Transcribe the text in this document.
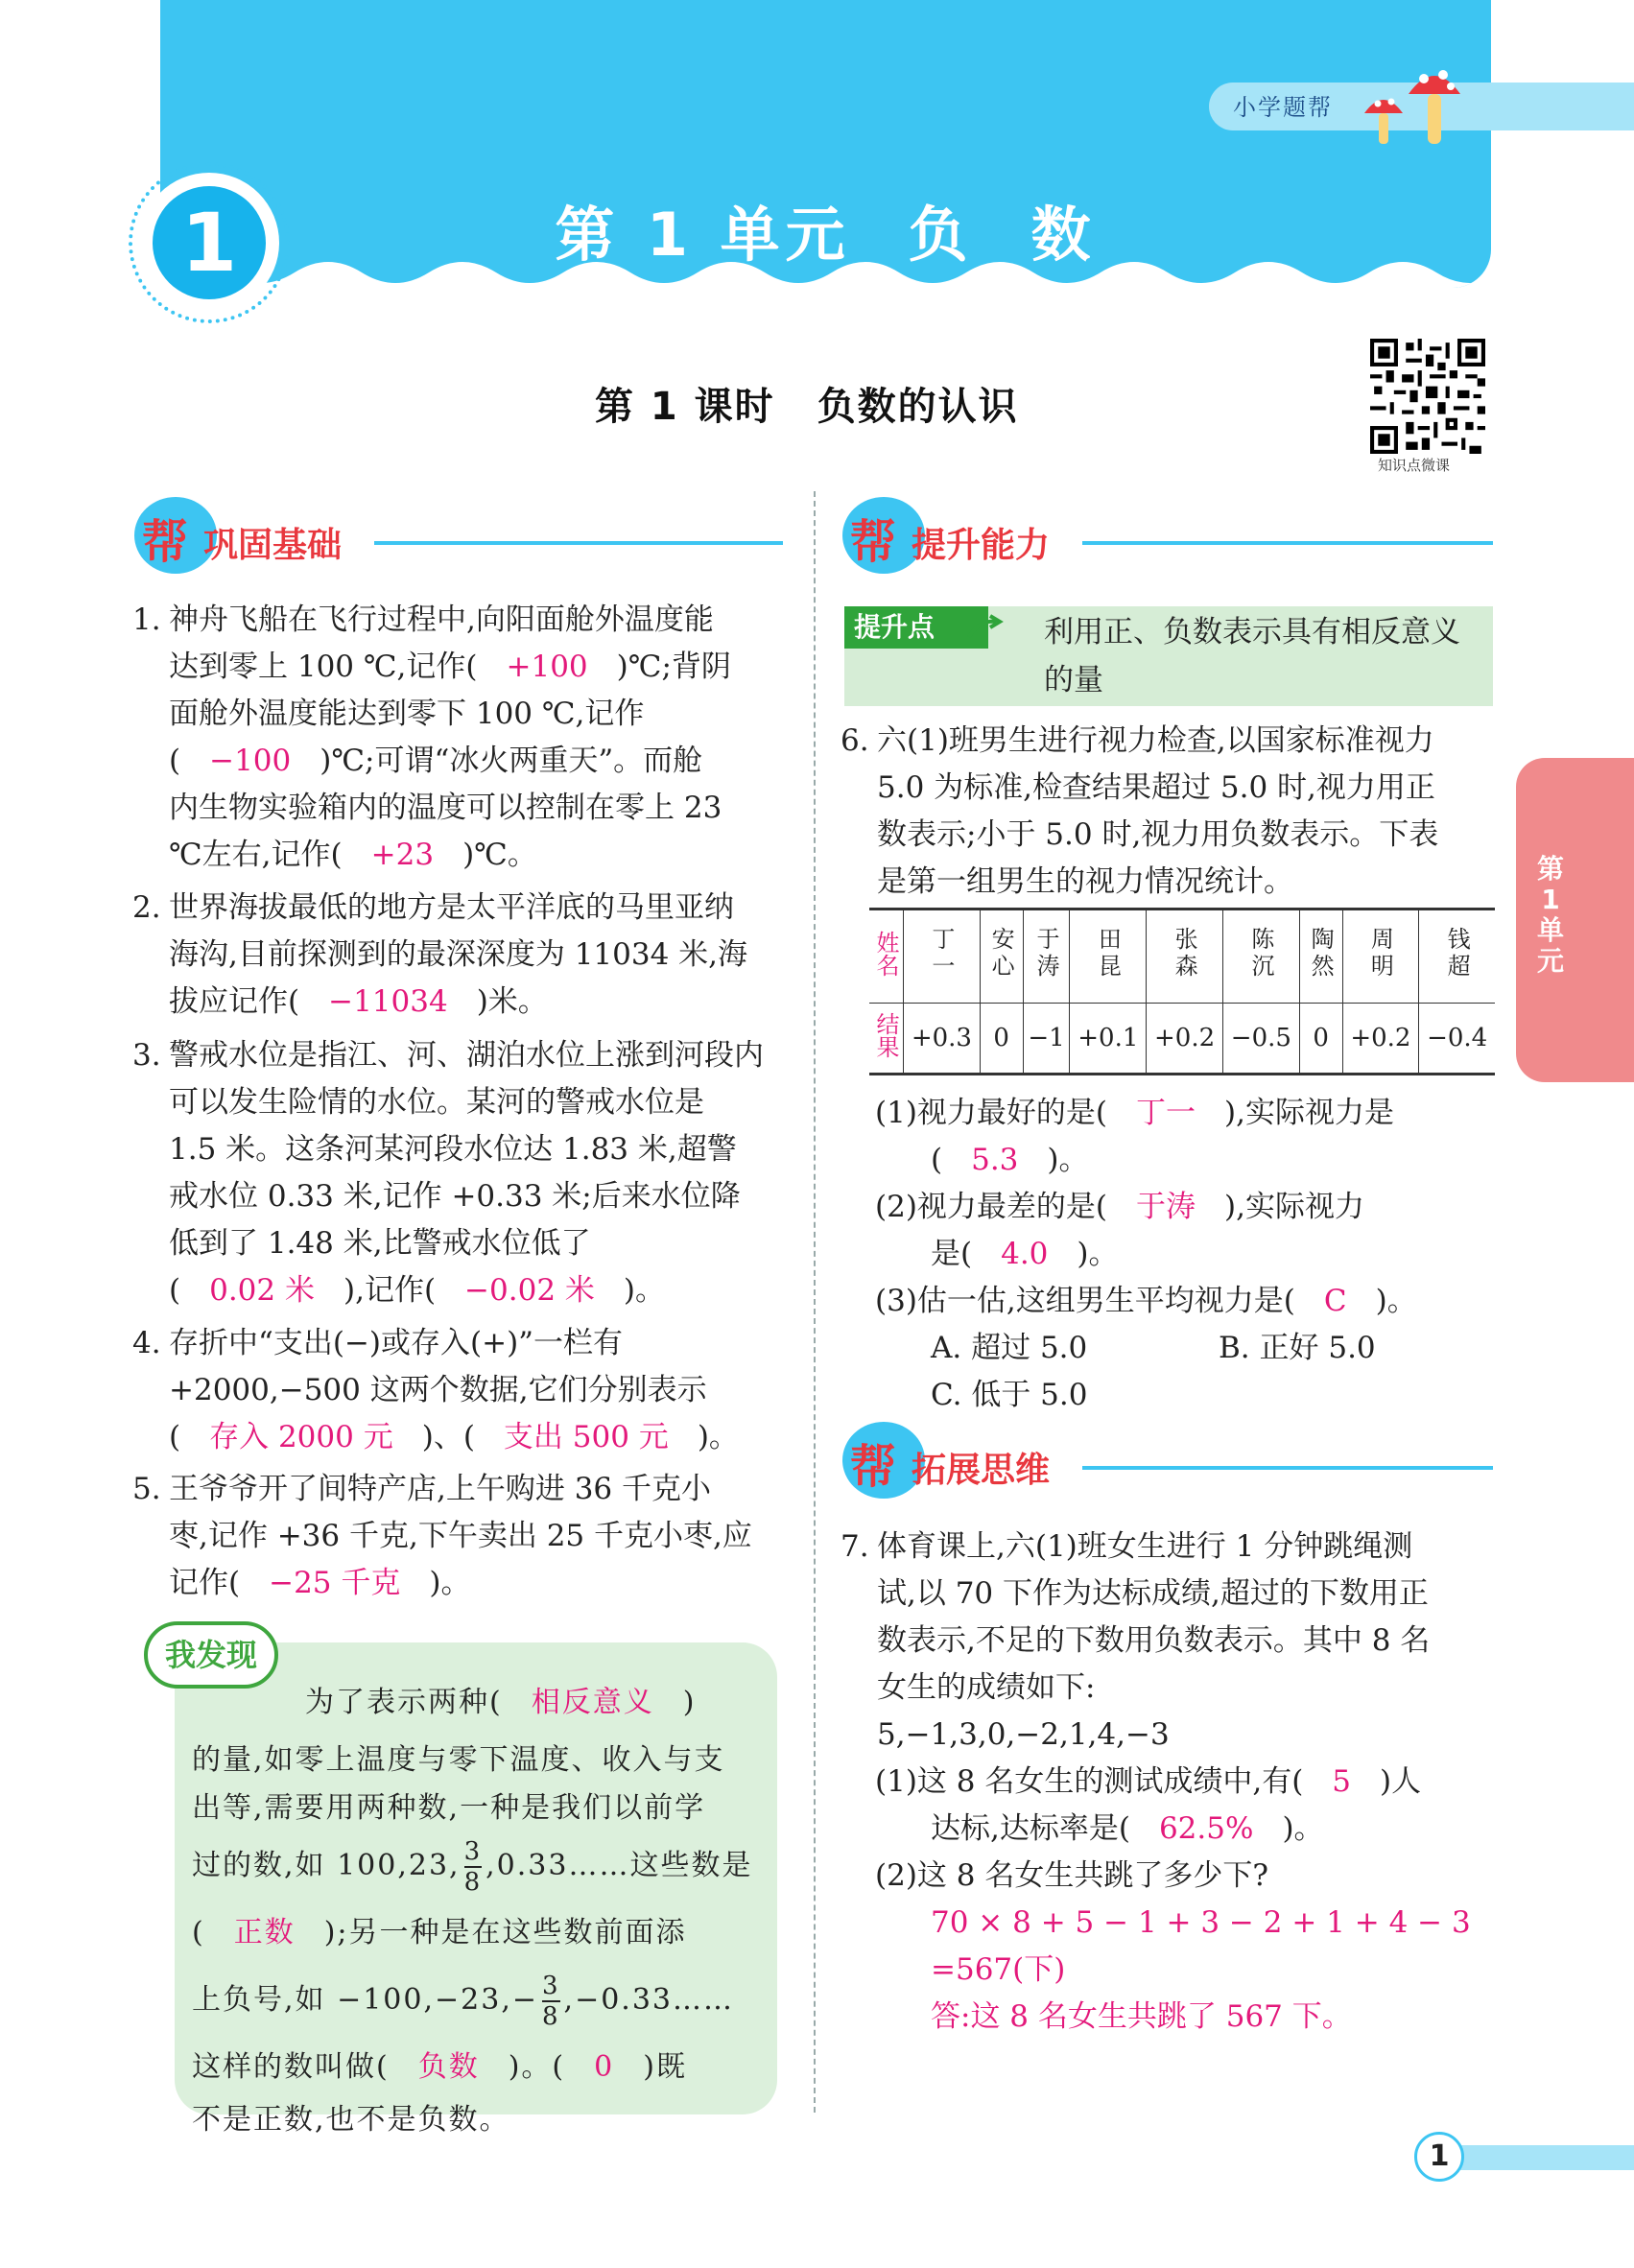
小学题帮
1	第 1 单元 负 数
第 1 课时 负数的认识
知识点微课
帮 巩固基础
1. 神舟飞船在飞行过程中,向阳面舱外温度能
达到零上 100 ℃,记作( +100 )℃;背阴
面舱外温度能达到零下 100 ℃,记作
( −100 )℃;可谓“冰火两重天”。而舱
内生物实验箱内的温度可以控制在零上 23
℃左右,记作( +23 )℃。
2. 世界海拔最低的地方是太平洋底的马里亚纳
海沟,目前探测到的最深深度为 11034 米,海
拔应记作( −11034 )米。
3. 警戒水位是指江、河、湖泊水位上涨到河段内
可以发生险情的水位。某河的警戒水位是
1.5 米。这条河某河段水位达 1.83 米,超警
戒水位 0.33 米,记作 +0.33 米;后来水位降
低到了 1.48 米,比警戒水位低了
( 0.02 米 ),记作( −0.02 米 )。
4. 存折中“支出(−)或存入(+)”一栏有
+2000,−500 这两个数据,它们分别表示
( 存入 2000 元 )、( 支出 500 元 )。
5. 王爷爷开了间特产店,上午购进 36 千克小
枣,记作 +36 千克,下午卖出 25 千克小枣,应
记作( −25 千克 )。
我发现
为了表示两种( 相反意义 )
的量,如零上温度与零下温度、收入与支
出等,需要用两种数,一种是我们以前学
过的数,如 100,23, $\frac{3}{8}$ ,0.33……这些数是
( 正数 );另一种是在这些数前面添
上负号,如 $-100,-23,- \frac{3}{8}$ ,−0.33……
这样的数叫做( 负数 )。( 0 )既
不是正数,也不是负数。
帮 提升能力
提升点	利用正、负数表示具有相反意义
的量
6. 六(1)班男生进行视力检查,以国家标准视力
5.0 为标准,检查结果超过 5.0 时,视力用正
数表示;小于 5.0 时,视力用负数表示。下表
是第一组男生的视力情况统计。
姓名	丁一	安心	于涛	田昆	张森	陈沉	陶然	周明	钱超
结果	+0.3	0	−1	+0.1	+0.2	−0.5	0	+0.2	−0.4
(1)视力最好的是( 丁一 ),实际视力是
( 5.3 )。
(2)视力最差的是( 于涛 ),实际视力
是( 4.0 )。
(3)估一估,这组男生平均视力是( C )。
A. 超过 5.0	B. 正好 5.0
C. 低于 5.0
帮 拓展思维
7. 体育课上,六(1)班女生进行 1 分钟跳绳测
试,以 70 下作为达标成绩,超过的下数用正
数表示,不足的下数用负数表示。其中 8 名
女生的成绩如下:
5,−1,3,0,−2,1,4,−3
(1)这 8 名女生的测试成绩中,有( 5 )人
达标,达标率是( 62.5% )。
(2)这 8 名女生共跳了多少下?
70 × 8 + 5 − 1 + 3 − 2 + 1 + 4 − 3
=567(下)
答:这 8 名女生共跳了 567 下。
第1单元
1
